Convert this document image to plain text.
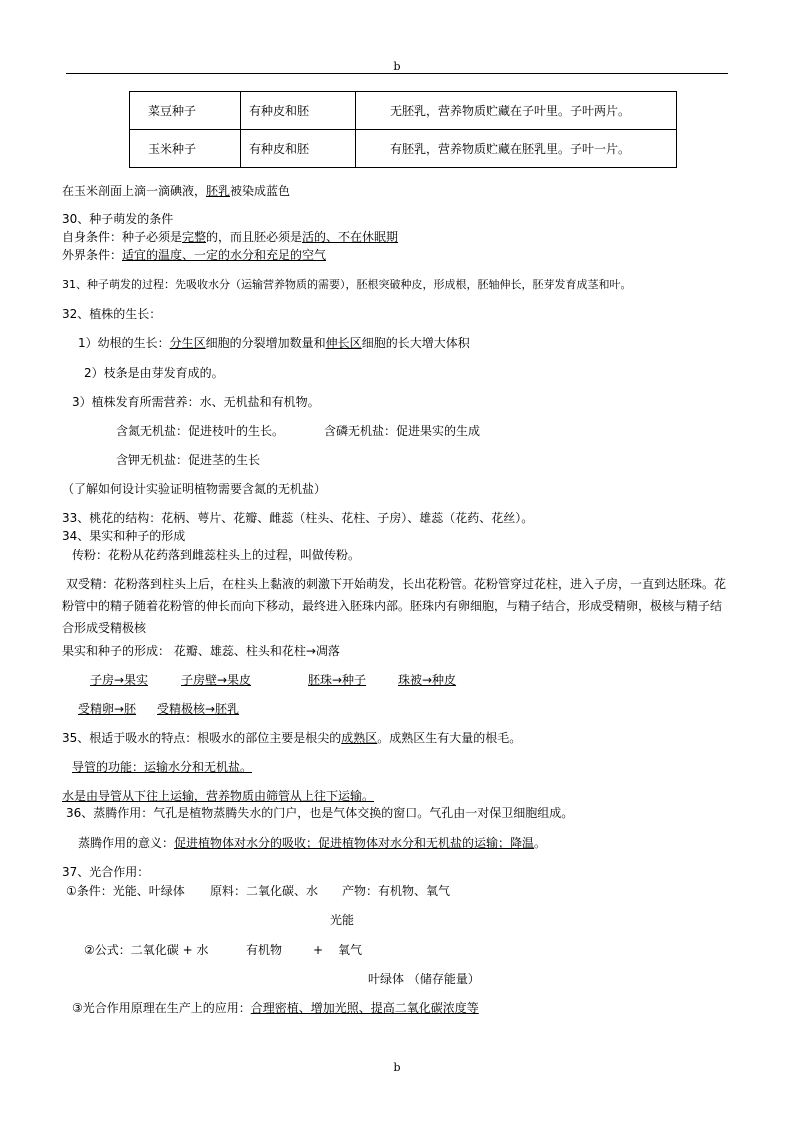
b
菜豆种子	有种皮和胚	无胚乳，营养物质贮藏在子叶里。子叶两片。
玉米种子	有种皮和胚	有胚乳，营养物质贮藏在胚乳里。子叶一片。
在玉米剖面上滴一滴碘液，胚乳被染成蓝色
30、种子萌发的条件
自身条件：种子必须是完整的，而且胚必须是活的、不在休眠期
外界条件：适宜的温度、一定的水分和充足的空气
31、种子萌发的过程：先吸收水分（运输营养物质的需要），胚根突破种皮，形成根，胚轴伸长，胚芽发育成茎和叶。
32、植株的生长：
1）幼根的生长：分生区细胞的分裂增加数量和伸长区细胞的长大增大体积
2）枝条是由芽发育成的。
3）植株发育所需营养：水、无机盐和有机物。
含氮无机盐：促进枝叶的生长。	含磷无机盐：促进果实的生成
含钾无机盐：促进茎的生长
（了解如何设计实验证明植物需要含氮的无机盐）
33、桃花的结构：花柄、萼片、花瓣、雌蕊（柱头、花柱、子房）、雄蕊（花药、花丝）。
34、果实和种子的形成
传粉：花粉从花药落到雌蕊柱头上的过程，叫做传粉。
双受精：花粉落到柱头上后，在柱头上黏液的刺激下开始萌发，长出花粉管。花粉管穿过花柱，进入子房，一直到达胚珠。花粉管中的精子随着花粉管的伸长而向下移动，最终进入胚珠内部。胚珠内有卵细胞，与精子结合，形成受精卵，极核与精子结合形成受精极核
果实和种子的形成： 花瓣、雄蕊、柱头和花柱→凋落
子房→果实	子房壁→果皮	胚珠→种子	珠被→种皮
受精卵→胚 受精极核→胚乳
35、根适于吸水的特点：根吸水的部位主要是根尖的成熟区。成熟区生有大量的根毛。
导管的功能：运输水分和无机盐。
水是由导管从下往上运输，营养物质由筛管从上往下运输。
36、蒸腾作用：气孔是植物蒸腾失水的门户，也是气体交换的窗口。气孔由一对保卫细胞组成。
蒸腾作用的意义：促进植物体对水分的吸收；促进植物体对水分和无机盐的运输；降温。
37、光合作用：
①条件：光能、叶绿体 原料：二氧化碳、水 产物：有机物、氧气
光能
②公式：二氧化碳 + 水	有机物	+ 氧气
叶绿体 （储存能量）
③光合作用原理在生产上的应用：合理密植、增加光照、提高二氧化碳浓度等
b
